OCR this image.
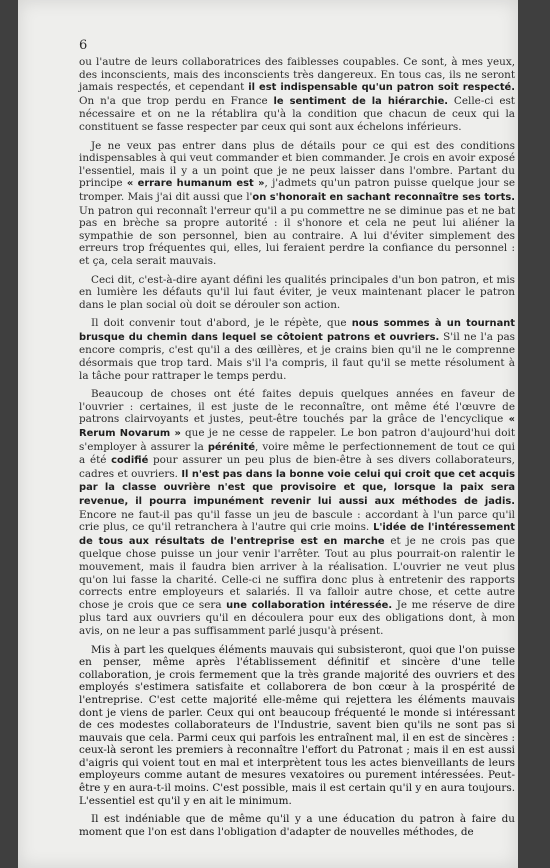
6

ou l'autre de leurs collaboratrices des faiblesses coupables. Ce sont, à mes yeux, des inconscients, mais des inconscients très dangereux. En tous cas, ils ne seront jamais respectés, et cependant il est indispensable qu'un patron soit respecté. On n'a que trop perdu en France le sentiment de la hiérarchie. Celle-ci est nécessaire et on ne la rétablira qu'à la condition que chacun de ceux qui la constituent se fasse respecter par ceux qui sont aux échelons inférieurs.

Je ne veux pas entrer dans plus de détails pour ce qui est des conditions indispensables à qui veut commander et bien commander. Je crois en avoir exposé l'essentiel, mais il y a un point que je ne peux laisser dans l'ombre. Partant du principe « errare humanum est », j'admets qu'un patron puisse quelque jour se tromper. Mais j'ai dit aussi que l'on s'honorait en sachant reconnaître ses torts. Un patron qui reconnaît l'erreur qu'il a pu commettre ne se diminue pas et ne bat pas en brèche sa propre autorité : il s'honore et cela ne peut lui aliéner la sympathie de son personnel, bien au contraire. A lui d'éviter simplement des erreurs trop fréquentes qui, elles, lui feraient perdre la confiance du personnel : et ça, cela serait mauvais.

Ceci dit, c'est-à-dire ayant défini les qualités principales d'un bon patron, et mis en lumière les défauts qu'il lui faut éviter, je veux maintenant placer le patron dans le plan social où doit se dérouler son action.

Il doit convenir tout d'abord, je le répète, que nous sommes à un tournant brusque du chemin dans lequel se côtoient patrons et ouvriers. S'il ne l'a pas encore compris, c'est qu'il a des œillères, et je crains bien qu'il ne le comprenne désormais que trop tard. Mais s'il l'a compris, il faut qu'il se mette résolument à la tâche pour rattraper le temps perdu.

Beaucoup de choses ont été faites depuis quelques années en faveur de l'ouvrier : certaines, il est juste de le reconnaître, ont même été l'œuvre de patrons clairvoyants et justes, peut-être touchés par la grâce de l'encyclique « Rerum Novarum » que je ne cesse de rappeler. Le bon patron d'aujourd'hui doit s'employer à assurer la pérénité, voire même le perfectionnement de tout ce qui a été codifié pour assurer un peu plus de bien-être à ses divers collaborateurs, cadres et ouvriers. Il n'est pas dans la bonne voie celui qui croit que cet acquis par la classe ouvrière n'est que provisoire et que, lorsque la paix sera revenue, il pourra impunément revenir lui aussi aux méthodes de jadis. Encore ne faut-il pas qu'il fasse un jeu de bascule : accordant à l'un parce qu'il crie plus, ce qu'il retranchera à l'autre qui crie moins. L'idée de l'intéressement de tous aux résultats de l'entreprise est en marche et je ne crois pas que quelque chose puisse un jour venir l'arrêter. Tout au plus pourrait-on ralentir le mouvement, mais il faudra bien arriver à la réalisation. L'ouvrier ne veut plus qu'on lui fasse la charité. Celle-ci ne suffira donc plus à entretenir des rapports corrects entre employeurs et salariés. Il va falloir autre chose, et cette autre chose je crois que ce sera une collaboration intéressée. Je me réserve de dire plus tard aux ouvriers qu'il en découlera pour eux des obligations dont, à mon avis, on ne leur a pas suffisamment parlé jusqu'à présent.

Mis à part les quelques éléments mauvais qui subsisteront, quoi que l'on puisse en penser, même après l'établissement définitif et sincère d'une telle collaboration, je crois fermement que la très grande majorité des ouvriers et des employés s'estimera satisfaite et collaborera de bon cœur à la prospérité de l'entreprise. C'est cette majorité elle-même qui rejettera les éléments mauvais dont je viens de parler. Ceux qui ont beaucoup fréquenté le monde si intéressant de ces modestes collaborateurs de l'Industrie, savent bien qu'ils ne sont pas si mauvais que cela. Parmi ceux qui parfois les entraînent mal, il en est de sincères : ceux-là seront les premiers à reconnaître l'effort du Patronat ; mais il en est aussi d'aigris qui voient tout en mal et interprètent tous les actes bienveillants de leurs employeurs comme autant de mesures vexatoires ou purement intéressées. Peut-être y en aura-t-il moins. C'est possible, mais il est certain qu'il y en aura toujours. L'essentiel est qu'il y en ait le minimum.

Il est indéniable que de même qu'il y a une éducation du patron à faire du moment que l'on est dans l'obligation d'adapter de nouvelles méthodes, de
